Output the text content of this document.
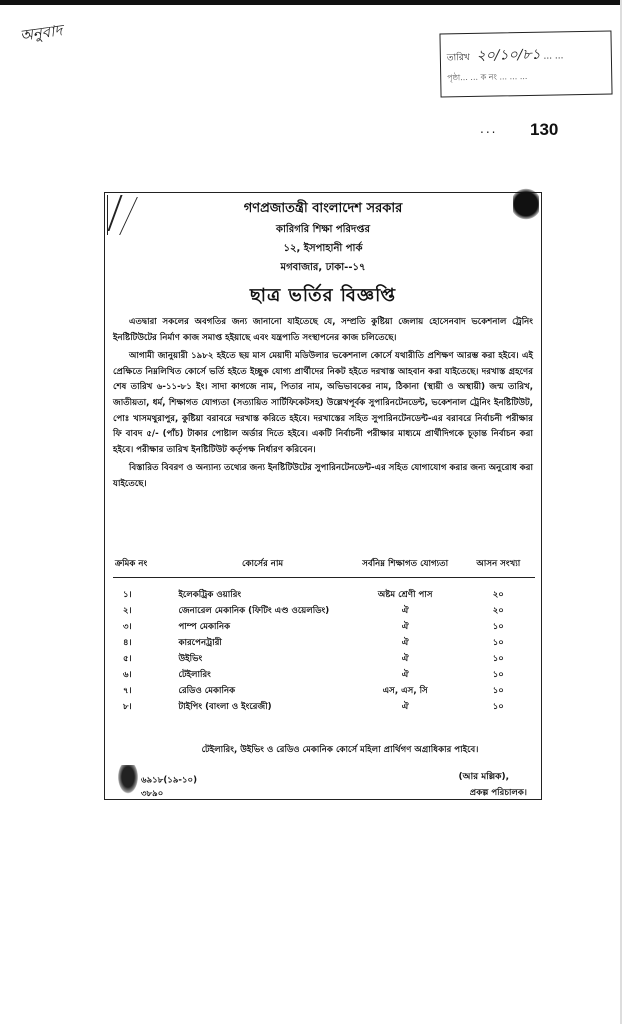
অনুবাদ
তারিখ ২০/১০/৮১ ... ...
পৃষ্ঠা... ... ক নং ... ... ...
... 130
গণপ্রজাতন্ত্রী বাংলাদেশ সরকার
কারিগরি শিক্ষা পরিদপ্তর
১২, ইসপাহানী পার্ক
মগবাজার, ঢাকা--১৭
ছাত্র ভর্তির বিজ্ঞপ্তি

এতদ্বারা সকলের অবগতির জন্য জানানো যাইতেছে যে, সম্প্রতি কুষ্টিয়া জেলায় হোসেনবাদ ভকেশনাল ট্রেনিং ইনষ্টিটিউটের নির্মাণ কাজ সমাপ্ত হইয়াছে এবং যন্ত্রপাতি সংস্থাপনের কাজ চলিতেছে।

আগামী জানুয়ারী ১৯৮২ হইতে ছয় মাস মেয়াদী মডিউলার ভকেশনাল কোর্সে যথারীতি প্রশিক্ষণ আরম্ভ করা হইবে। এই প্রেক্ষিতে নিম্নলিখিত কোর্সে ভর্তি হইতে ইচ্ছুক যোগ্য প্রার্থীদের নিকট হইতে দরখাস্ত আহবান করা যাইতেছে। দরখাস্ত গ্রহণের শেষ তারিখ ৬-১১-৮১ ইং। সাদা কাগজে নাম, পিতার নাম, অভিভাবকের নাম, ঠিকানা (স্থায়ী ও অস্থায়ী) জন্ম তারিখ, জাতীয়তা, ধর্ম, শিক্ষাগত যোগ্যতা (সত্যায়িত সার্টিফিকেটসহ) উল্লেখপূর্বক সুপারিনটেনডেন্ট, ভকেশনাল ট্রেনিং ইনষ্টিটিউট, পোঃ খাসমথুরাপুর, কুষ্টিয়া বরাবরে দরখাস্ত করিতে হইবে। দরখাস্তের সহিত সুপারিনটেনডেন্ট-এর বরাবরে নির্বাচনী পরীক্ষার ফি বাবদ ৫/- (পাঁচ) টাকার পোষ্টাল অর্ডার দিতে হইবে। একটি নির্বাচনী পরীক্ষার মাধ্যমে প্রার্থীদিগকে চূড়ান্ত নির্বাচন করা হইবে। পরীক্ষার তারিখ ইনষ্টিটিউট কর্তৃপক্ষ নির্ধারণ করিবেন।

বিস্তারিত বিবরণ ও অন্যান্য তথ্যের জন্য ইনষ্টিটিউটের সুপারিনটেনডেন্ট-এর সহিত যোগাযোগ করার জন্য অনুরোধ করা যাইতেছে।

ক্রমিক নং	কোর্সের নাম	সর্বনিম্ন শিক্ষাগত যোগ্যতা	আসন সংখ্যা

১।	ইলেকট্রিক ওয়ারিং	অষ্টম শ্রেণী পাস	২০
২।	জেনারেল মেকানিক (ফিটিং এণ্ড ওয়েলডিং)	ঐ	২০
৩।	পাম্প মেকানিক	ঐ	১০
৪।	কারপেনট্রারী	ঐ	১০
৫।	উইভিং	ঐ	১০
৬।	টেইলারিং	ঐ	১০
৭।	রেডিও মেকানিক	এস, এস, সি	১০
৮।	টাইপিং (বাংলা ও ইংরেজী)	ঐ	১০
টেইলারিং, উইভিং ও রেডিও মেকানিক কোর্সে মহিলা প্রার্থিগণ অগ্রাধিকার পাইবে।
৬৯১৮(১৯-১০)
৩৮৯০
(আর মল্লিক),
প্রকল্প পরিচালক।
